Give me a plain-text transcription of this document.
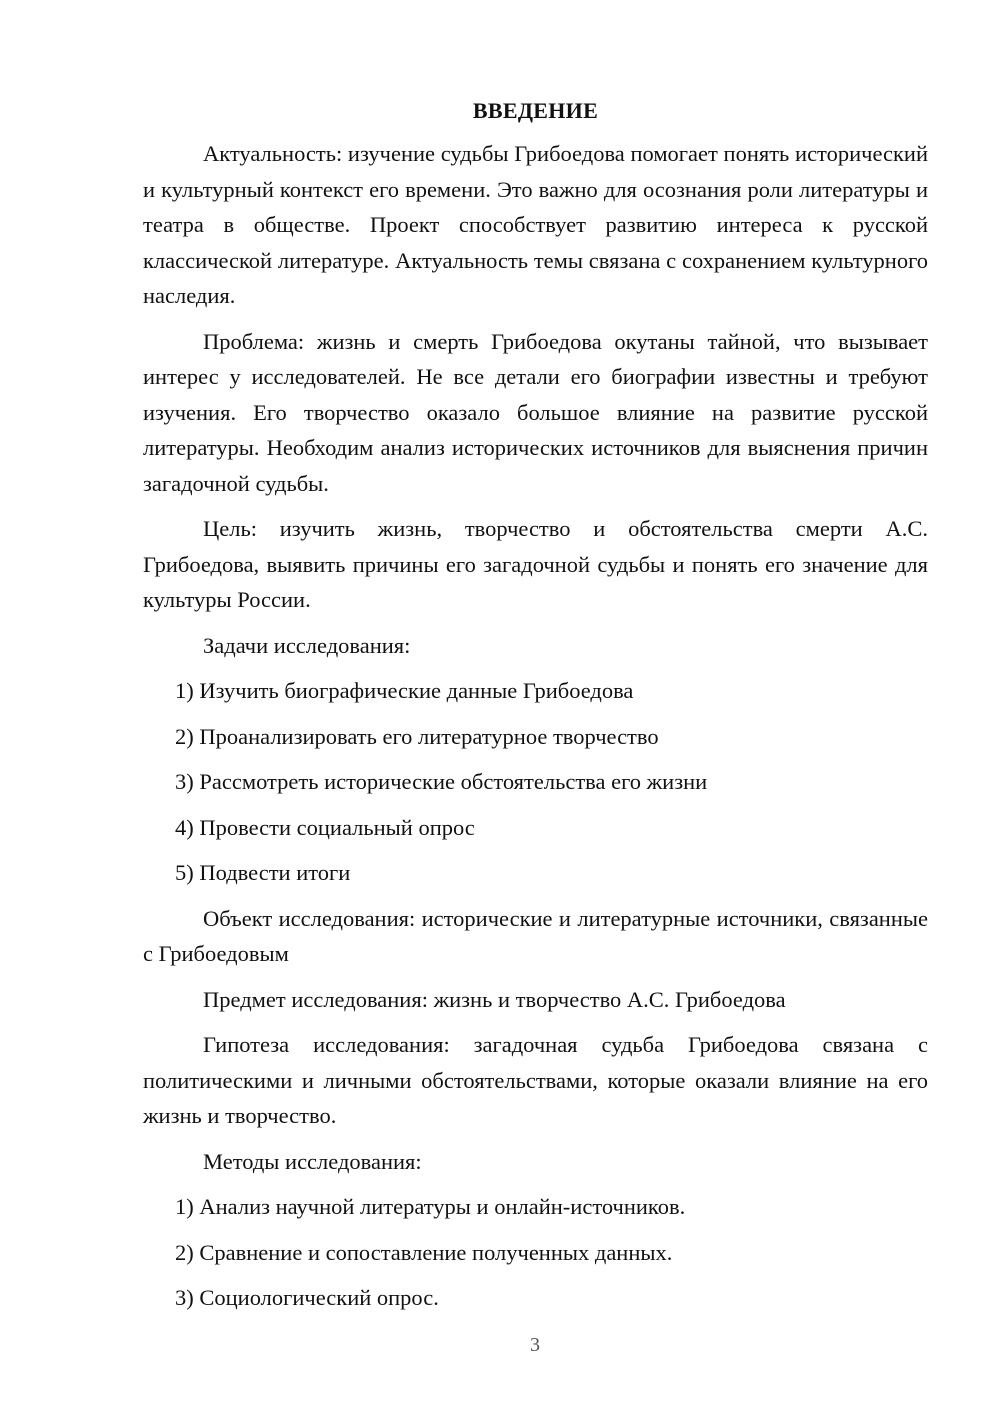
ВВЕДЕНИЕ

Актуальность: изучение судьбы Грибоедова помогает понять исторический и культурный контекст его времени. Это важно для осознания роли литературы и театра в обществе. Проект способствует развитию интереса к русской классической литературе. Актуальность темы связана с сохранением культурного наследия.

Проблема: жизнь и смерть Грибоедова окутаны тайной, что вызывает интерес у исследователей. Не все детали его биографии известны и требуют изучения. Его творчество оказало большое влияние на развитие русской литературы. Необходим анализ исторических источников для выяснения причин загадочной судьбы.

Цель: изучить жизнь, творчество и обстоятельства смерти А.С. Грибоедова, выявить причины его загадочной судьбы и понять его значение для культуры России.

Задачи исследования:

1) Изучить биографические данные Грибоедова
2) Проанализировать его литературное творчество
3) Рассмотреть исторические обстоятельства его жизни
4) Провести социальный опрос
5) Подвести итоги

Объект исследования: исторические и литературные источники, связанные с Грибоедовым

Предмет исследования: жизнь и творчество А.С. Грибоедова

Гипотеза исследования: загадочная судьба Грибоедова связана с политическими и личными обстоятельствами, которые оказали влияние на его жизнь и творчество.

Методы исследования:

1) Анализ научной литературы и онлайн-источников.
2) Сравнение и сопоставление полученных данных.
3) Социологический опрос.
3
